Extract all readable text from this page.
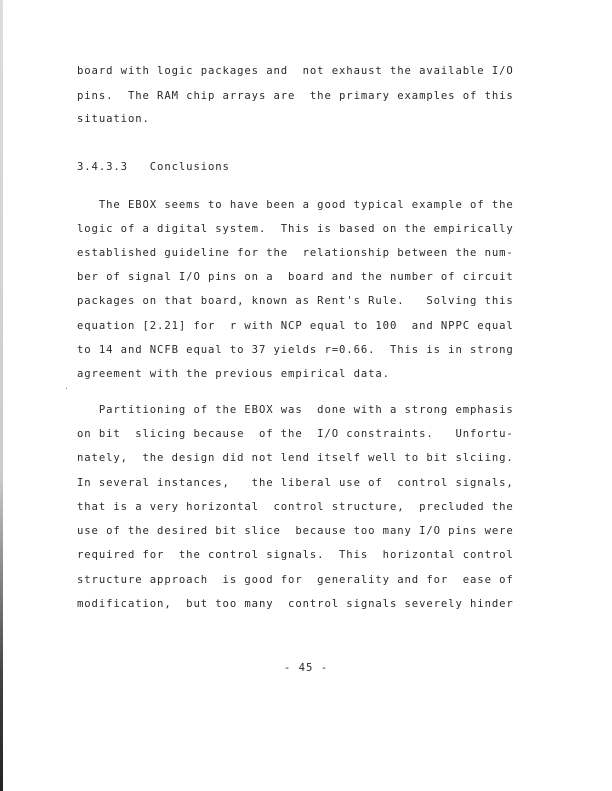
board with logic packages and  not exhaust the available I/O
pins.  The RAM chip arrays are  the primary examples of this
situation.
3.4.3.3   Conclusions
The EBOX seems to have been a good typical example of the
logic of a digital system.  This is based on the empirically
established guideline for the  relationship between the num-
ber of signal I/O pins on a  board and the number of circuit
packages on that board, known as Rent's Rule.   Solving this
equation [2.21] for  r with NCP equal to 100  and NPPC equal
to 14 and NCFB equal to 37 yields r=0.66.  This is in strong
agreement with the previous empirical data.
·
Partitioning of the EBOX was  done with a strong emphasis
on bit  slicing because  of the  I/O constraints.   Unfortu-
nately,  the design did not lend itself well to bit slciing.
In several instances,   the liberal use of  control signals,
that is a very horizontal  control structure,  precluded the
use of the desired bit slice  because too many I/O pins were
required for  the control signals.  This  horizontal control
structure approach  is good for  generality and for  ease of
modification,  but too many  control signals severely hinder
- 45 -
